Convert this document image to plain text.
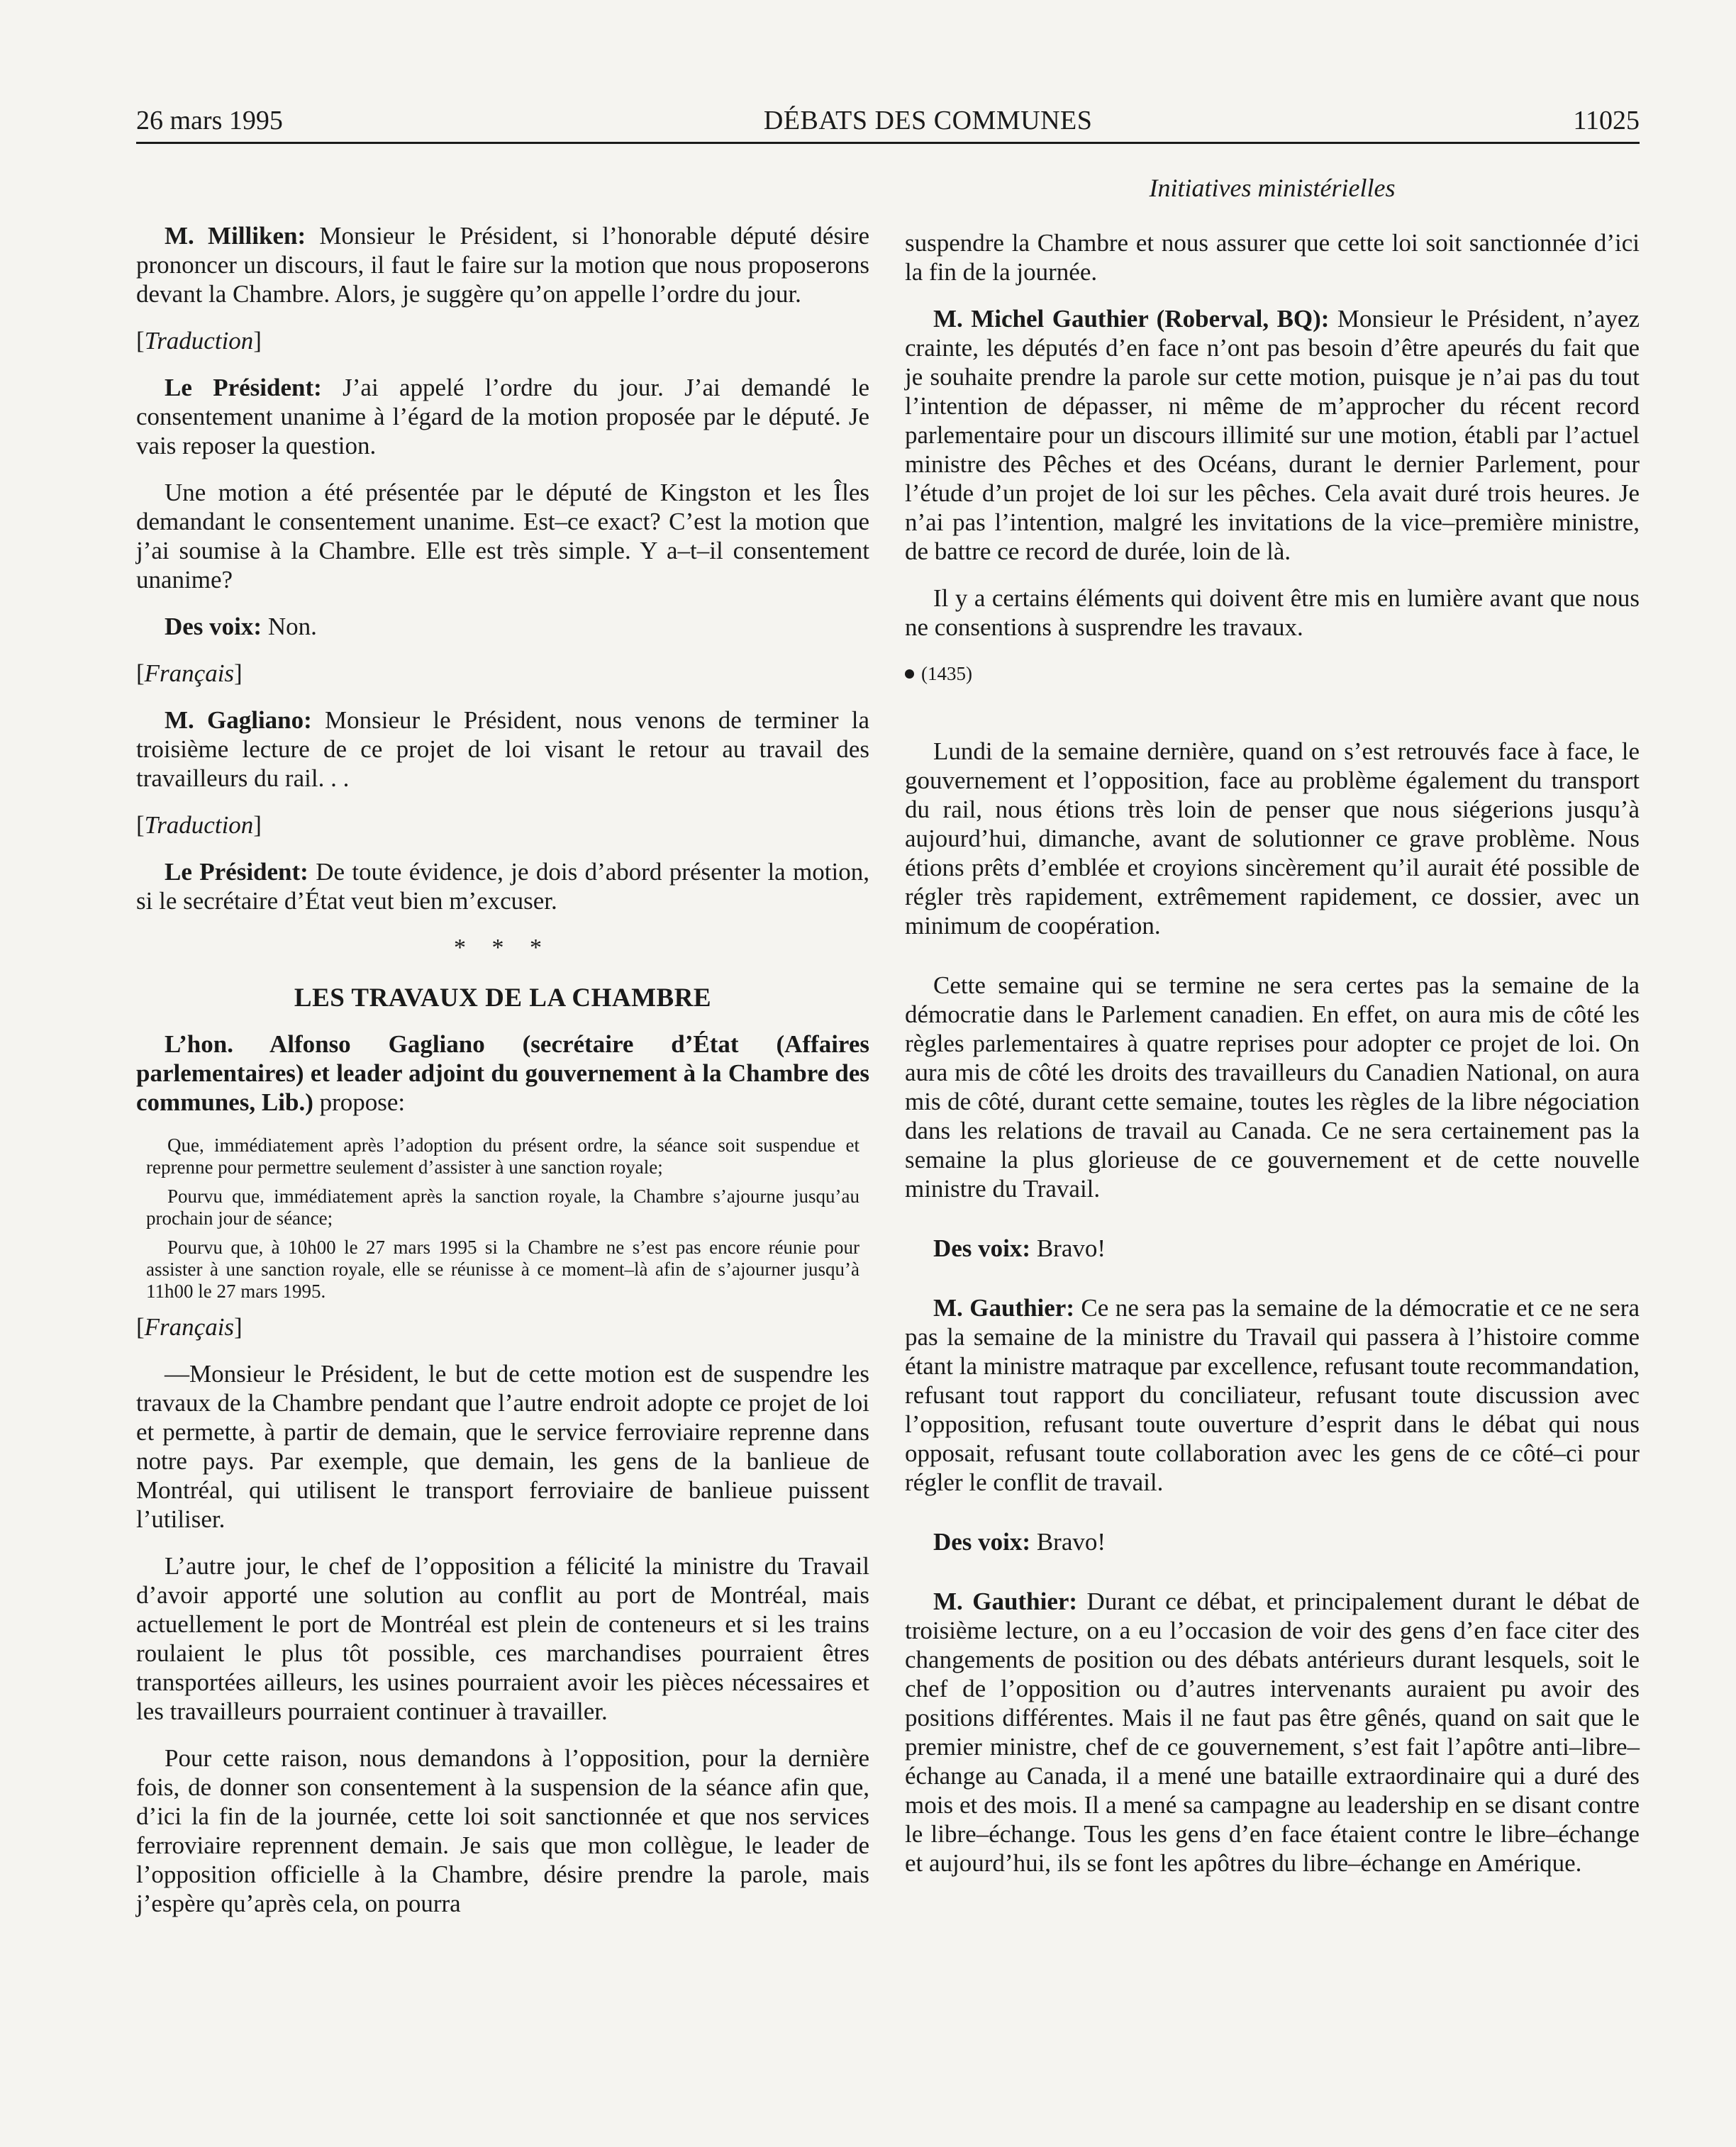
26 mars 1995	DÉBATS DES COMMUNES	11025
Initiatives ministérielles

M. Milliken: Monsieur le Président, si l’honorable député désire prononcer un discours, il faut le faire sur la motion que nous proposerons devant la Chambre. Alors, je suggère qu’on appelle l’ordre du jour.

[Traduction]

Le Président: J’ai appelé l’ordre du jour. J’ai demandé le consentement unanime à l’égard de la motion proposée par le député. Je vais reposer la question.

Une motion a été présentée par le député de Kingston et les Îles demandant le consentement unanime. Est–ce exact? C’est la motion que j’ai soumise à la Chambre. Elle est très simple. Y a–t–il consentement unanime?

Des voix: Non.

[Français]

M. Gagliano: Monsieur le Président, nous venons de terminer la troisième lecture de ce projet de loi visant le retour au travail des travailleurs du rail. . .

[Traduction]

Le Président: De toute évidence, je dois d’abord présenter la motion, si le secrétaire d’État veut bien m’excuser.

* * *
LES TRAVAUX DE LA CHAMBRE

L’hon. Alfonso Gagliano (secrétaire d’État (Affaires parlementaires) et leader adjoint du gouvernement à la Chambre des communes, Lib.) propose:

Que, immédiatement après l’adoption du présent ordre, la séance soit suspendue et reprenne pour permettre seulement d’assister à une sanction royale;

Pourvu que, immédiatement après la sanction royale, la Chambre s’ajourne jusqu’au prochain jour de séance;

Pourvu que, à 10h00 le 27 mars 1995 si la Chambre ne s’est pas encore réunie pour assister à une sanction royale, elle se réunisse à ce moment–là afin de s’ajourner jusqu’à 11h00 le 27 mars 1995.

[Français]

—Monsieur le Président, le but de cette motion est de suspendre les travaux de la Chambre pendant que l’autre endroit adopte ce projet de loi et permette, à partir de demain, que le service ferroviaire reprenne dans notre pays. Par exemple, que demain, les gens de la banlieue de Montréal, qui utilisent le transport ferroviaire de banlieue puissent l’utiliser.

L’autre jour, le chef de l’opposition a félicité la ministre du Travail d’avoir apporté une solution au conflit au port de Montréal, mais actuellement le port de Montréal est plein de conteneurs et si les trains roulaient le plus tôt possible, ces marchandises pourraient êtres transportées ailleurs, les usines pourraient avoir les pièces nécessaires et les travailleurs pourraient continuer à travailler.

Pour cette raison, nous demandons à l’opposition, pour la dernière fois, de donner son consentement à la suspension de la séance afin que, d’ici la fin de la journée, cette loi soit sanctionnée et que nos services ferroviaire reprennent demain. Je sais que mon collègue, le leader de l’opposition officielle à la Chambre, désire prendre la parole, mais j’espère qu’après cela, on pourra

suspendre la Chambre et nous assurer que cette loi soit sanctionnée d’ici la fin de la journée.

M. Michel Gauthier (Roberval, BQ): Monsieur le Président, n’ayez crainte, les députés d’en face n’ont pas besoin d’être apeurés du fait que je souhaite prendre la parole sur cette motion, puisque je n’ai pas du tout l’intention de dépasser, ni même de m’approcher du récent record parlementaire pour un discours illimité sur une motion, établi par l’actuel ministre des Pêches et des Océans, durant le dernier Parlement, pour l’étude d’un projet de loi sur les pêches. Cela avait duré trois heures. Je n’ai pas l’intention, malgré les invitations de la vice–première ministre, de battre ce record de durée, loin de là.

Il y a certains éléments qui doivent être mis en lumière avant que nous ne consentions à susprendre les travaux.

(1435)

Lundi de la semaine dernière, quand on s’est retrouvés face à face, le gouvernement et l’opposition, face au problème également du transport du rail, nous étions très loin de penser que nous siégerions jusqu’à aujourd’hui, dimanche, avant de solutionner ce grave problème. Nous étions prêts d’emblée et croyions sincèrement qu’il aurait été possible de régler très rapidement, extrêmement rapidement, ce dossier, avec un minimum de coopération.

Cette semaine qui se termine ne sera certes pas la semaine de la démocratie dans le Parlement canadien. En effet, on aura mis de côté les règles parlementaires à quatre reprises pour adopter ce projet de loi. On aura mis de côté les droits des travailleurs du Canadien National, on aura mis de côté, durant cette semaine, toutes les règles de la libre négociation dans les relations de travail au Canada. Ce ne sera certainement pas la semaine la plus glorieuse de ce gouvernement et de cette nouvelle ministre du Travail.

Des voix: Bravo!

M. Gauthier: Ce ne sera pas la semaine de la démocratie et ce ne sera pas la semaine de la ministre du Travail qui passera à l’histoire comme étant la ministre matraque par excellence, refusant toute recommandation, refusant tout rapport du conciliateur, refusant toute discussion avec l’opposition, refusant toute ouverture d’esprit dans le débat qui nous opposait, refusant toute collaboration avec les gens de ce côté–ci pour régler le conflit de travail.

Des voix: Bravo!

M. Gauthier: Durant ce débat, et principalement durant le débat de troisième lecture, on a eu l’occasion de voir des gens d’en face citer des changements de position ou des débats antérieurs durant lesquels, soit le chef de l’opposition ou d’autres intervenants auraient pu avoir des positions différentes. Mais il ne faut pas être gênés, quand on sait que le premier ministre, chef de ce gouvernement, s’est fait l’apôtre anti–libre–échange au Canada, il a mené une bataille extraordinaire qui a duré des mois et des mois. Il a mené sa campagne au leadership en se disant contre le libre–échange. Tous les gens d’en face étaient contre le libre–échange et aujourd’hui, ils se font les apôtres du libre–échange en Amérique.
